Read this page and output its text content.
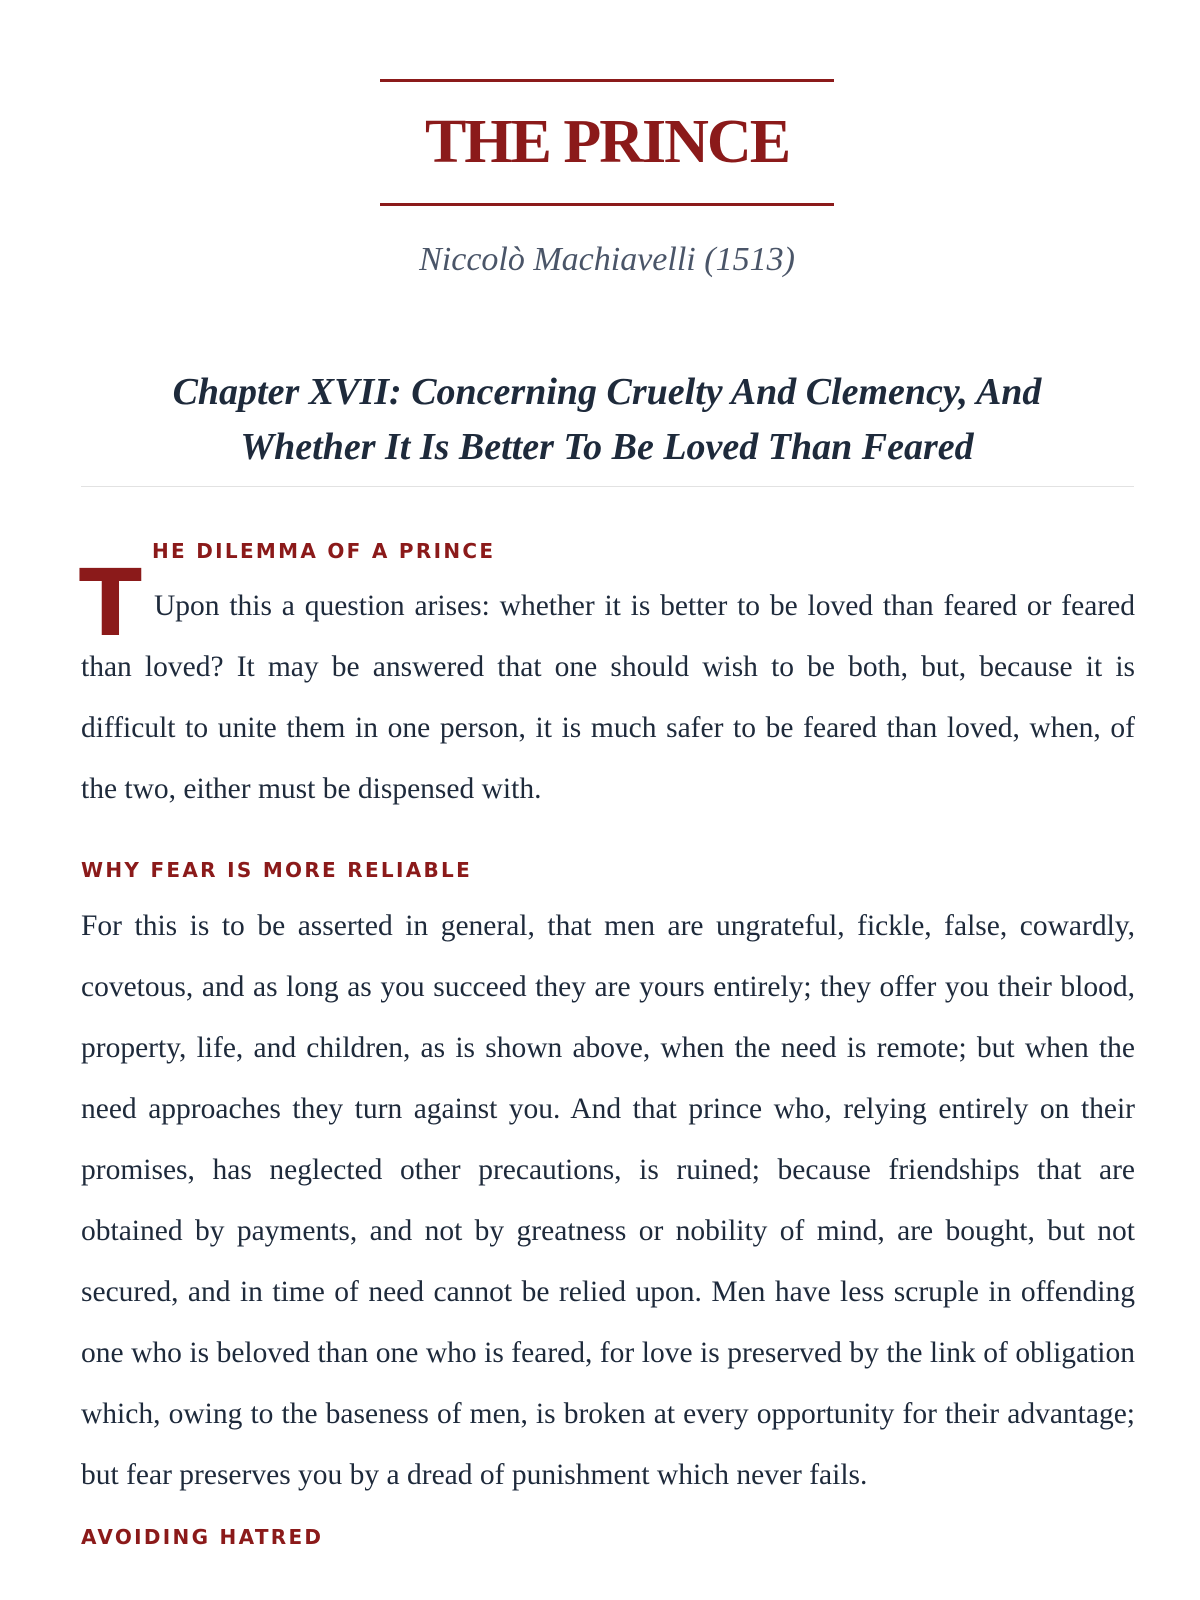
THE PRINCE
Niccolò Machiavelli (1513)
Chapter XVII: Concerning Cruelty And Clemency, And
Whether It Is Better To Be Loved Than Feared
T HE DILEMMA OF A PRINCE

Upon this a question arises: whether it is better to be loved than feared or feared than loved? It may be answered that one should wish to be both, but, because it is difficult to unite them in one person, it is much safer to be feared than loved, when, of the two, either must be dispensed with.

WHY FEAR IS MORE RELIABLE

For this is to be asserted in general, that men are ungrateful, fickle, false, cowardly, covetous, and as long as you succeed they are yours entirely; they offer you their blood, property, life, and children, as is shown above, when the need is remote; but when the need approaches they turn against you. And that prince who, relying entirely on their promises, has neglected other precautions, is ruined; because friendships that are obtained by payments, and not by greatness or nobility of mind, are bought, but not secured, and in time of need cannot be relied upon. Men have less scruple in offending one who is beloved than one who is feared, for love is preserved by the link of obligation which, owing to the baseness of men, is broken at every opportunity for their advantage; but fear preserves you by a dread of punishment which never fails.

AVOIDING HATRED
